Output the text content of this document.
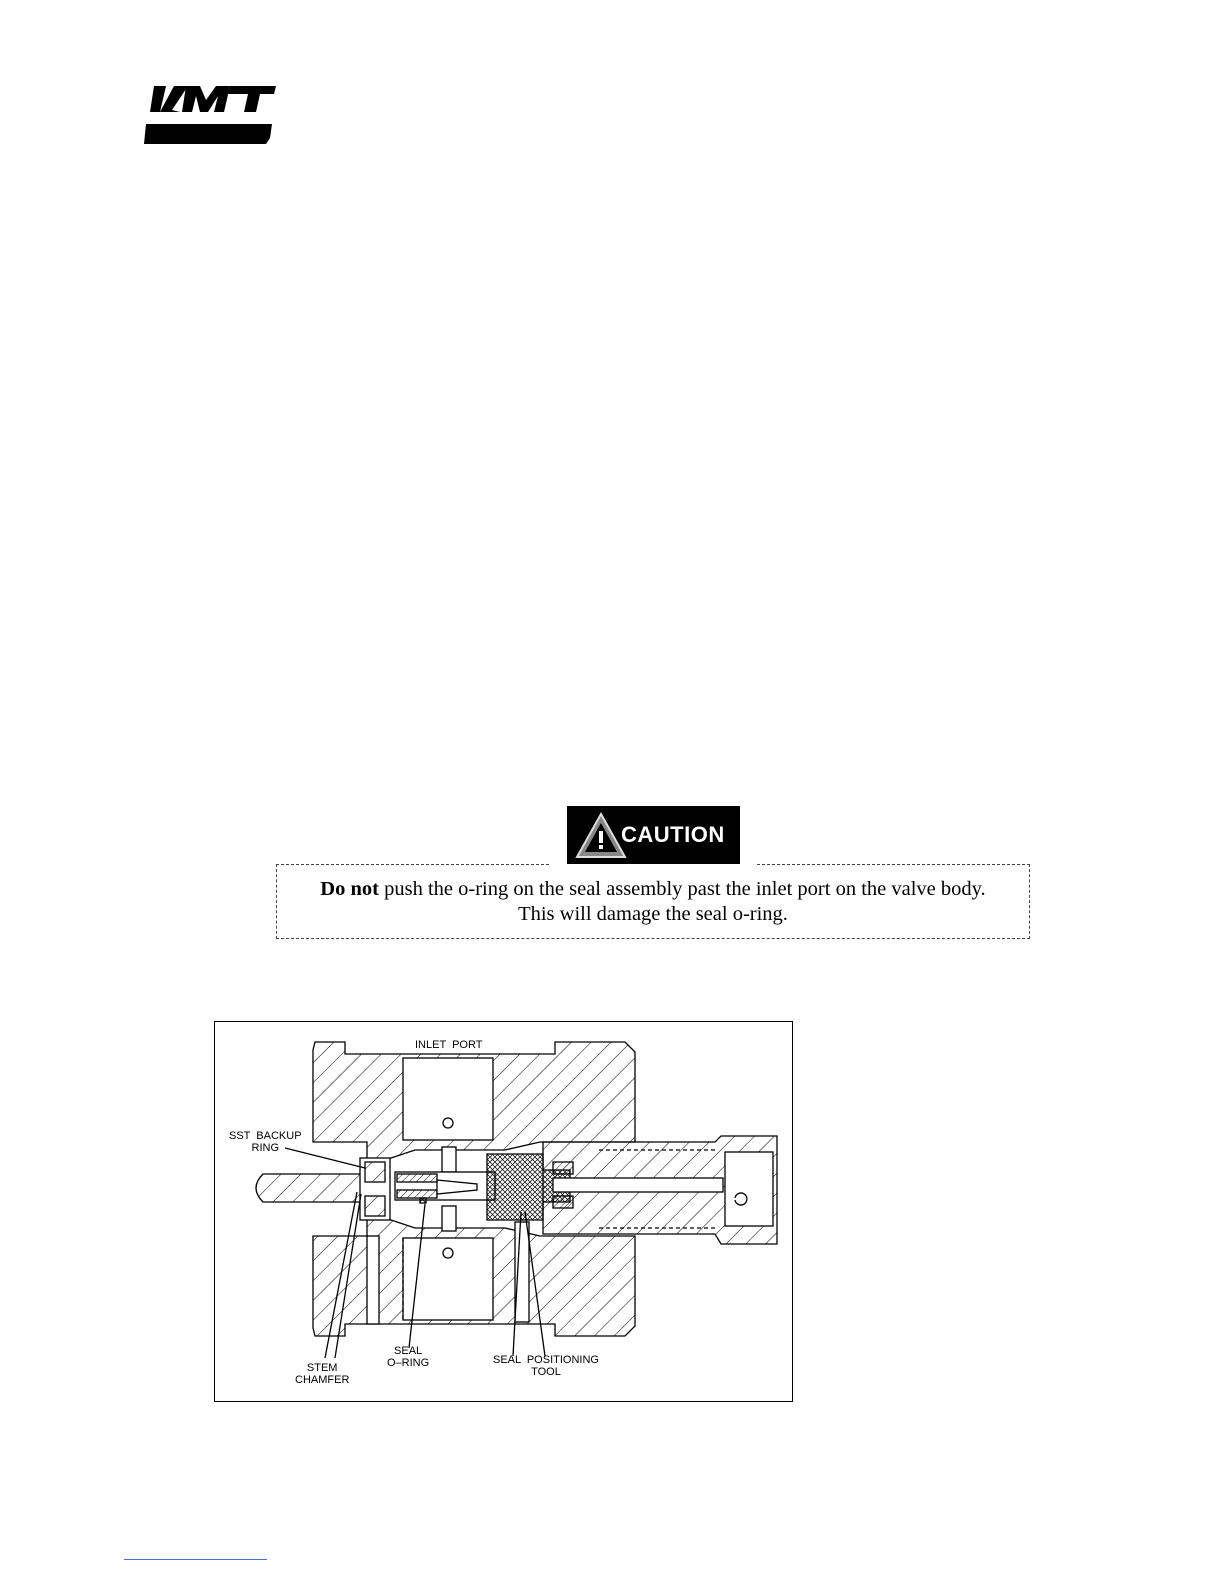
CAUTION
Do not push the o-ring on the seal assembly past the inlet port on the valve body.
This will damage the seal o-ring.
INLET  PORT
SST  BACKUP
RING
STEM
CHAMFER
SEAL
O–RING	SEAL  POSITIONING
TOOL
